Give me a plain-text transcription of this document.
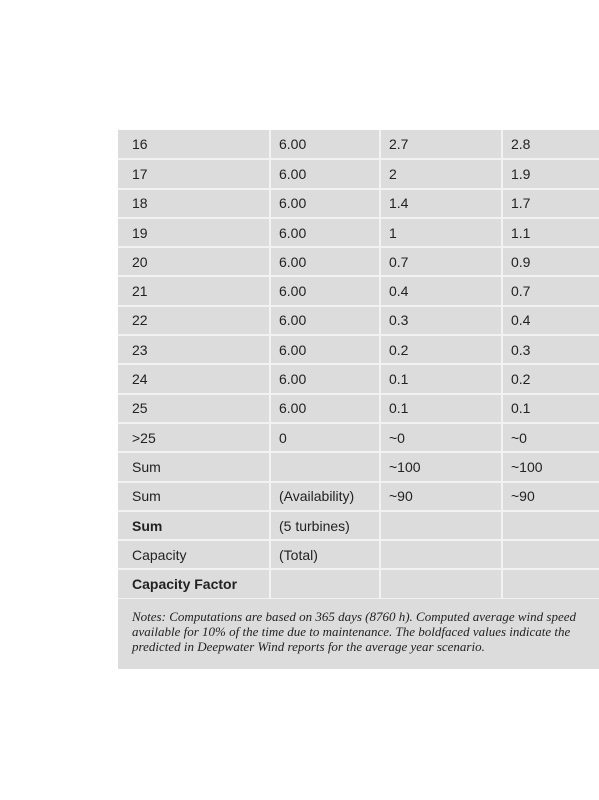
16	6.00	2.7	2.8
17	6.00	2	1.9
18	6.00	1.4	1.7
19	6.00	1	1.1
20	6.00	0.7	0.9
21	6.00	0.4	0.7
22	6.00	0.3	0.4
23	6.00	0.2	0.3
24	6.00	0.1	0.2
25	6.00	0.1	0.1
>25	0	~0	~0
Sum		~100	~100
Sum	(Availability)	~90	~90
Sum	(5 turbines)		
Capacity	(Total)		
Capacity Factor			
Notes: Computations are based on 365 days (8760 h). Computed average wind speed
available for 10% of the time due to maintenance. The boldfaced values indicate the
predicted in Deepwater Wind reports for the average year scenario.
